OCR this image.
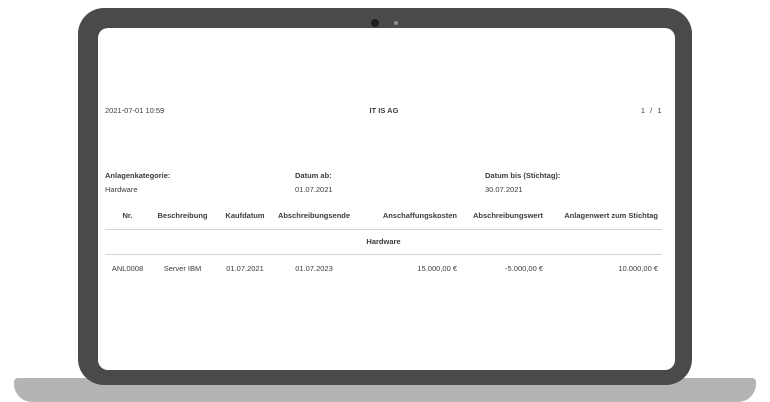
2021-07-01 10:59	IT IS AG	1 / 1
Anlagenkategorie:
Hardware
Datum ab:
01.07.2021
Datum bis (Stichtag):
30.07.2021
Nr.	Beschreibung	Kaufdatum	Abschreibungsende	Anschaffungskosten	Abschreibungswert	Anlagenwert zum Stichtag
Hardware						
ANL0008	Server IBM	01.07.2021	01.07.2023	15.000,00 €	-5.000,00 €	10.000,00 €
